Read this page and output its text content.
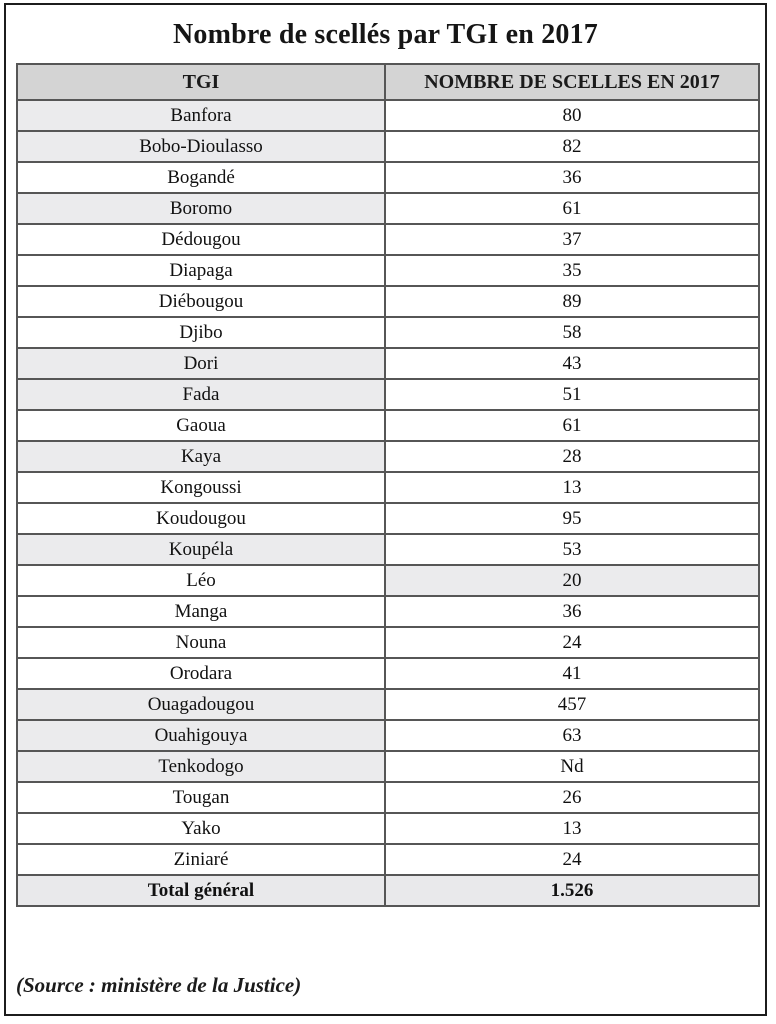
Nombre de scellés par TGI en 2017
TGI	NOMBRE DE SCELLES EN 2017
Banfora	80
Bobo-Dioulasso	82
Bogandé	36
Boromo	61
Dédougou	37
Diapaga	35
Diébougou	89
Djibo	58
Dori	43
Fada	51
Gaoua	61
Kaya	28
Kongoussi	13
Koudougou	95
Koupéla	53
Léo	20
Manga	36
Nouna	24
Orodara	41
Ouagadougou	457
Ouahigouya	63
Tenkodogo	Nd
Tougan	26
Yako	13
Ziniaré	24
Total général	1.526
(Source : ministère de la Justice)
